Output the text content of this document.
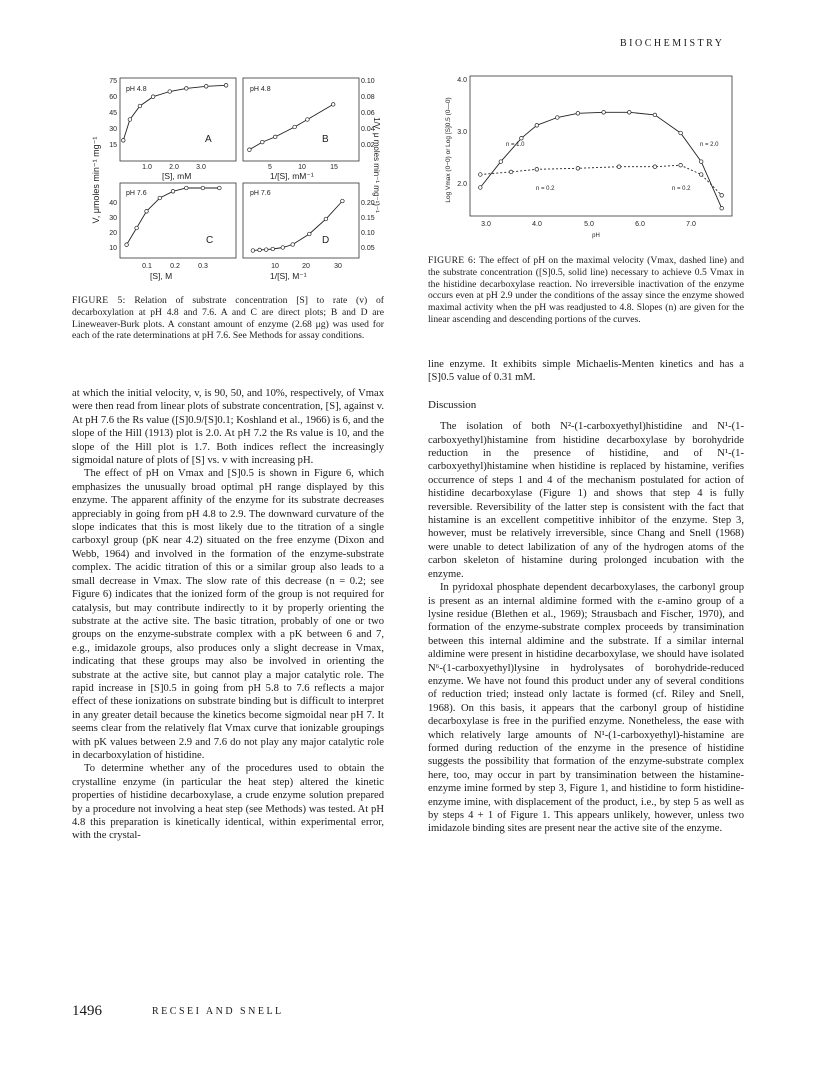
BIOCHEMISTRY
V, μmoles min⁻¹ mg⁻¹	1/V, μ moles min⁻¹ mg⁻¹)⁻¹
pH 4.8
A
75
60
45
30
15
1.0 2.0 3.0
[S], mM
pH 4.8
B
0.10
0.08
0.06
0.04
0.02
5	10	15
1/[S], mM⁻¹
pH 7.6
C
40
30
20
10
0.1	0.2	0.3
[S], M
pH 7.6
D
0.20
0.15
0.10
0.05
10	20	30
1/[S], M⁻¹
FIGURE 5: Relation of substrate concentration [S] to rate (v) of decarboxylation at pH 4.8 and 7.6. A and C are direct plots; B and D are Lineweaver-Burk plots. A constant amount of enzyme (2.68 μg) was used for each of the rate determinations at pH 7.6. See Methods for assay conditions.
Log Vmax (0−0) or Log [S]0.5 (0—0)
4.0
3.0
2.0
3.0	4.0	5.0	6.0	7.0
pH
n = 1.0	n = 2.0
n = 0.2	n = 0.2
FIGURE 6: The effect of pH on the maximal velocity (Vmax, dashed line) and the substrate concentration ([S]0.5, solid line) necessary to achieve 0.5 Vmax in the histidine decarboxylase reaction. No irreversible inactivation of the enzyme occurs even at pH 2.9 under the conditions of the assay since the enzyme showed maximal activity when the pH was readjusted to 4.8. Slopes (n) are given for the linear ascending and descending portions of the curves.

at which the initial velocity, v, is 90, 50, and 10%, respectively, of Vmax were then read from linear plots of substrate concentration, [S], against v. At pH 7.6 the Rs value ([S]0.9/[S]0.1; Koshland et al., 1966) is 6, and the slope of the Hill (1913) plot is 2.0. At pH 7.2 the Rs value is 10, and the slope of the Hill plot is 1.7. Both indices reflect the increasingly sigmoidal nature of plots of [S] vs. v with increasing pH.

The effect of pH on Vmax and [S]0.5 is shown in Figure 6, which emphasizes the unusually broad optimal pH range displayed by this enzyme. The apparent affinity of the enzyme for its substrate decreases appreciably in going from pH 4.8 to 2.9. The downward curvature of the slope indicates that this is most likely due to the titration of a single carboxyl group (pK near 4.2) situated on the free enzyme (Dixon and Webb, 1964) and involved in the formation of the enzyme-substrate complex. The acidic titration of this or a similar group also leads to a small decrease in Vmax. The slow rate of this decrease (n = 0.2; see Figure 6) indicates that the ionized form of the group is not required for catalysis, but may contribute indirectly to it by properly orienting the substrate at the active site. The basic titration, probably of one or two groups on the enzyme-substrate complex with a pK between 6 and 7, e.g., imidazole groups, also produces only a slight decrease in Vmax, indicating that these groups may also be involved in orienting the substrate at the active site, but cannot play a major catalytic role. The rapid increase in [S]0.5 in going from pH 5.8 to 7.6 reflects a major effect of these ionizations on substrate binding but is difficult to interpret in any greater detail because the kinetics become sigmoidal near pH 7. It seems clear from the relatively flat Vmax curve that ionizable groupings with pK values between 2.9 and 7.6 do not play any major catalytic role in decarboxylation of histidine.

To determine whether any of the procedures used to obtain the crystalline enzyme (in particular the heat step) altered the kinetic properties of histidine decarboxylase, a crude enzyme solution prepared by a procedure not involving a heat step (see Methods) was tested. At pH 4.8 this preparation is kinetically identical, within experimental error, with the crystal-

line enzyme. It exhibits simple Michaelis-Menten kinetics and has a [S]0.5 value of 0.31 mM.

Discussion

The isolation of both N²-(1-carboxyethyl)histidine and N¹-(1-carboxyethyl)histamine from histidine decarboxylase by borohydride reduction in the presence of histidine, and of N¹-(1-carboxyethyl)histamine when histidine is replaced by histamine, verifies occurrence of steps 1 and 4 of the mechanism postulated for action of histidine decarboxylase (Figure 1) and shows that step 4 is fully reversible. Reversibility of the latter step is consistent with the fact that histamine is an excellent competitive inhibitor of the enzyme. Step 3, however, must be relatively irreversible, since Chang and Snell (1968) were unable to detect labilization of any of the hydrogen atoms of the carbon skeleton of histamine during prolonged incubation with the enzyme.

In pyridoxal phosphate dependent decarboxylases, the carbonyl group is present as an internal aldimine formed with the ε-amino group of a lysine residue (Blethen et al., 1969); Strausbach and Fischer, 1970), and formation of the enzyme-substrate complex proceeds by transimination between this internal aldimine and the substrate. If a similar internal aldimine were present in histidine decarboxylase, we should have isolated N⁶-(1-carboxyethyl)lysine in hydrolysates of borohydride-reduced enzyme. We have not found this product under any of several conditions of reduction tried; instead only lactate is formed (cf. Riley and Snell, 1968). On this basis, it appears that the carbonyl group of histidine decarboxylase is free in the purified enzyme. Nonetheless, the ease with which relatively large amounts of N¹-(1-carboxyethyl)-histamine are formed during reduction of the enzyme in the presence of histidine suggests the possibility that formation of the enzyme-substrate complex here, too, may occur in part by transimination between the histamine-enzyme imine formed by step 3, Figure 1, and histidine to form histidine-enzyme imine, with displacement of the product, i.e., by step 5 as well as by steps 4 + 1 of Figure 1. This appears unlikely, however, unless two imidazole binding sites are present near the active site of the enzyme.

1496	RECSEI AND SNELL
